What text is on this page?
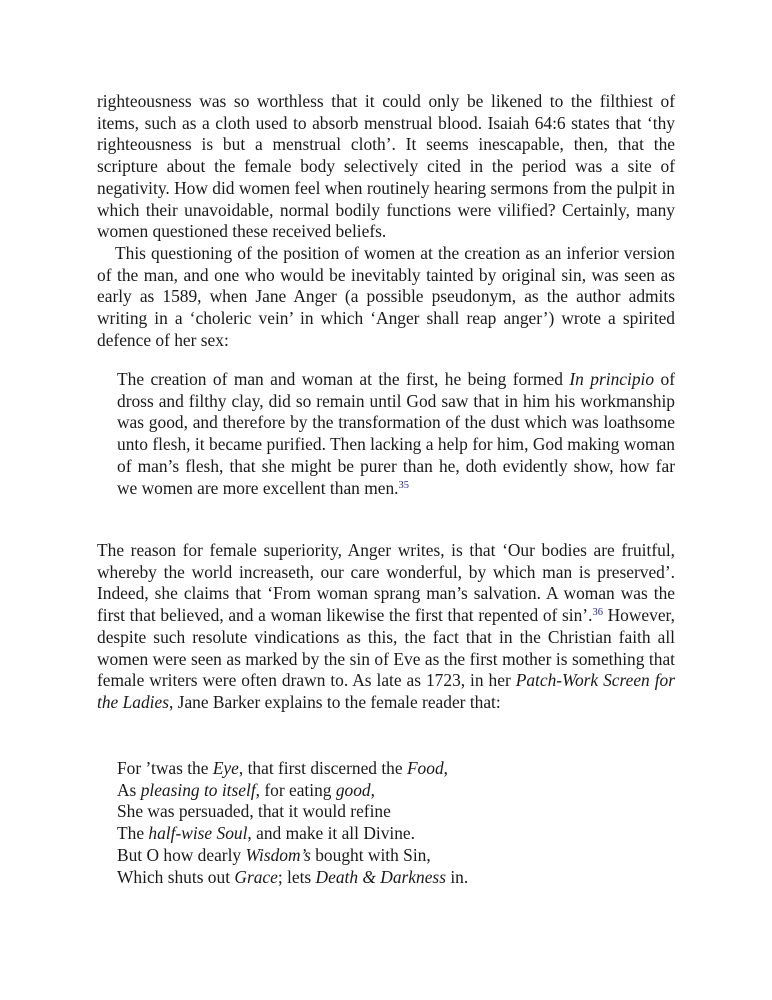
righteousness was so worthless that it could only be likened to the filthiest of items, such as a cloth used to absorb menstrual blood. Isaiah 64:6 states that ‘thy righteousness is but a menstrual cloth’. It seems inescapable, then, that the scripture about the female body selectively cited in the period was a site of negativity. How did women feel when routinely hearing sermons from the pulpit in which their unavoidable, normal bodily functions were vilified? Certainly, many women questioned these received beliefs.

This questioning of the position of women at the creation as an inferior version of the man, and one who would be inevitably tainted by original sin, was seen as early as 1589, when Jane Anger (a possible pseudonym, as the author admits writing in a ‘choleric vein’ in which ‘Anger shall reap anger’) wrote a spirited defence of her sex:

The creation of man and woman at the first, he being formed In principio of dross and filthy clay, did so remain until God saw that in him his workmanship was good, and therefore by the transformation of the dust which was loathsome unto flesh, it became purified. Then lacking a help for him, God making woman of man’s flesh, that she might be purer than he, doth evidently show, how far we women are more excellent than men.$^{35}$

The reason for female superiority, Anger writes, is that ‘Our bodies are fruitful, whereby the world increaseth, our care wonderful, by which man is preserved’. Indeed, she claims that ‘From woman sprang man’s salvation. A woman was the first that believed, and a woman likewise the first that repented of sin’.$^{36}$ However, despite such resolute vindications as this, the fact that in the Christian faith all women were seen as marked by the sin of Eve as the first mother is something that female writers were often drawn to. As late as 1723, in her Patch-Work Screen for the Ladies, Jane Barker explains to the female reader that:

For ’twas the Eye, that first discerned the Food,
As pleasing to itself, for eating good,
She was persuaded, that it would refine
The half-wise Soul, and make it all Divine.
But O how dearly Wisdom’s bought with Sin,
Which shuts out Grace; lets Death & Darkness in.
